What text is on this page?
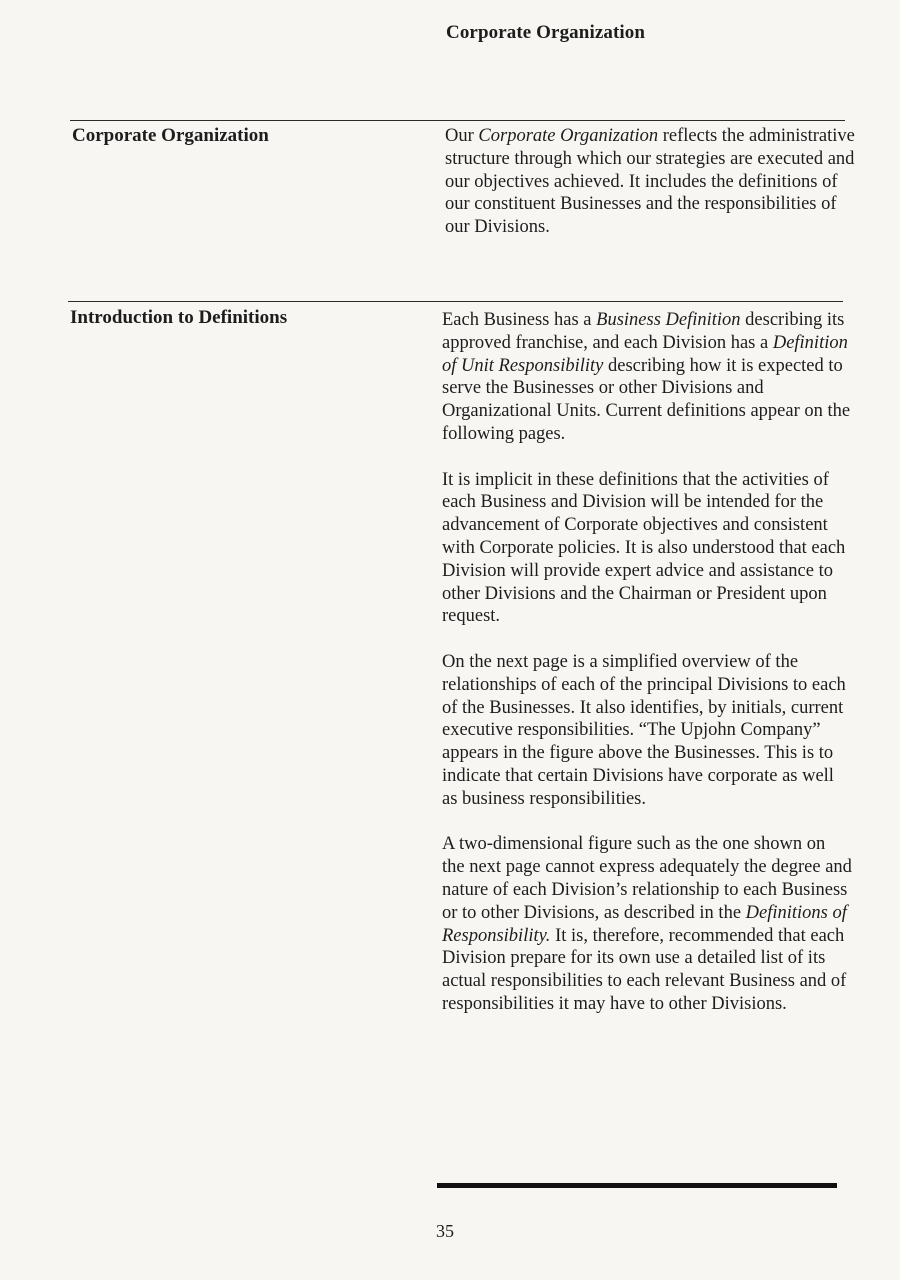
Corporate Organization
Corporate Organization	Our Corporate Organization reflects the administrative structure through which our strategies are executed and our objectives achieved. It includes the definitions of our constituent Businesses and the responsibilities of our Divisions.

Introduction to Definitions	Each Business has a Business Definition describing its approved franchise, and each Division has a Definition of Unit Responsibility describing how it is expected to serve the Businesses or other Divisions and Organizational Units. Current definitions appear on the following pages.

It is implicit in these definitions that the activities of each Business and Division will be intended for the advancement of Corporate objectives and consistent with Corporate policies. It is also understood that each Division will provide expert advice and assistance to other Divisions and the Chairman or President upon request.

On the next page is a simplified overview of the relationships of each of the principal Divisions to each of the Businesses. It also identifies, by initials, current executive responsibilities. “The Upjohn Company” appears in the figure above the Businesses. This is to indicate that certain Divisions have corporate as well as business responsibilities.

A two-dimensional figure such as the one shown on the next page cannot express adequately the degree and nature of each Division’s relationship to each Business or to other Divisions, as described in the Definitions of Responsibility. It is, therefore, recommended that each Division prepare for its own use a detailed list of its actual responsibilities to each relevant Business and of responsibilities it may have to other Divisions.

35
